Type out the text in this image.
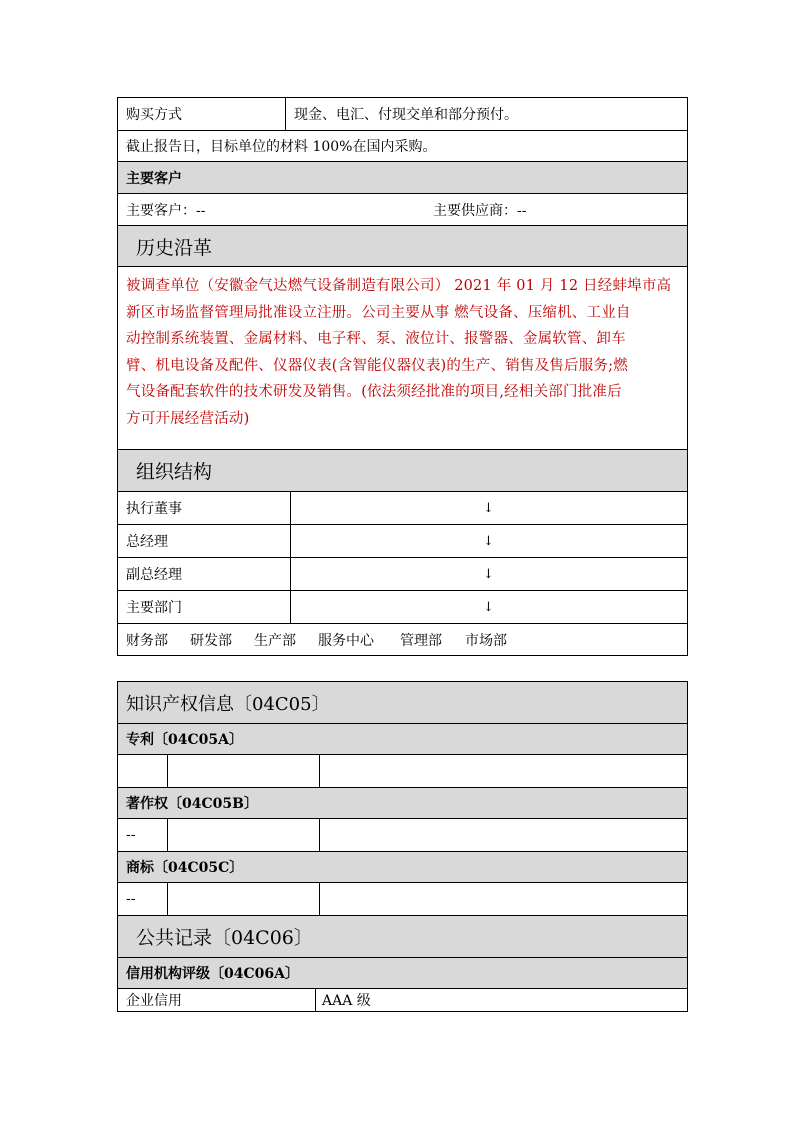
购买方式	现金、电汇、付现交单和部分预付。
截止报告日，目标单位的材料 100%在国内采购。
主要客户
主要客户：--	主要供应商：--
历史沿革
被调查单位（安徽金气达燃气设备制造有限公司） 2021 年 01 月 12 日经蚌埠市高
新区市场监督管理局批准设立注册。公司主要从事 燃气设备、压缩机、工业自
动控制系统装置、金属材料、电子秤、泵、液位计、报警器、金属软管、卸车
臂、机电设备及配件、仪器仪表(含智能仪器仪表)的生产、销售及售后服务;燃
气设备配套软件的技术研发及销售。(依法须经批准的项目,经相关部门批准后
方可开展经营活动)
组织结构
执行董事	↓
总经理	↓
副总经理	↓
主要部门	↓
财务部 研发部 生产部 服务中心 管理部 市场部
知识产权信息〔04C05〕
专利〔04C05A〕
著作权〔04C05B〕
--
商标〔04C05C〕
--
公共记录〔04C06〕
信用机构评级〔04C06A〕
企业信用	AAA 级
